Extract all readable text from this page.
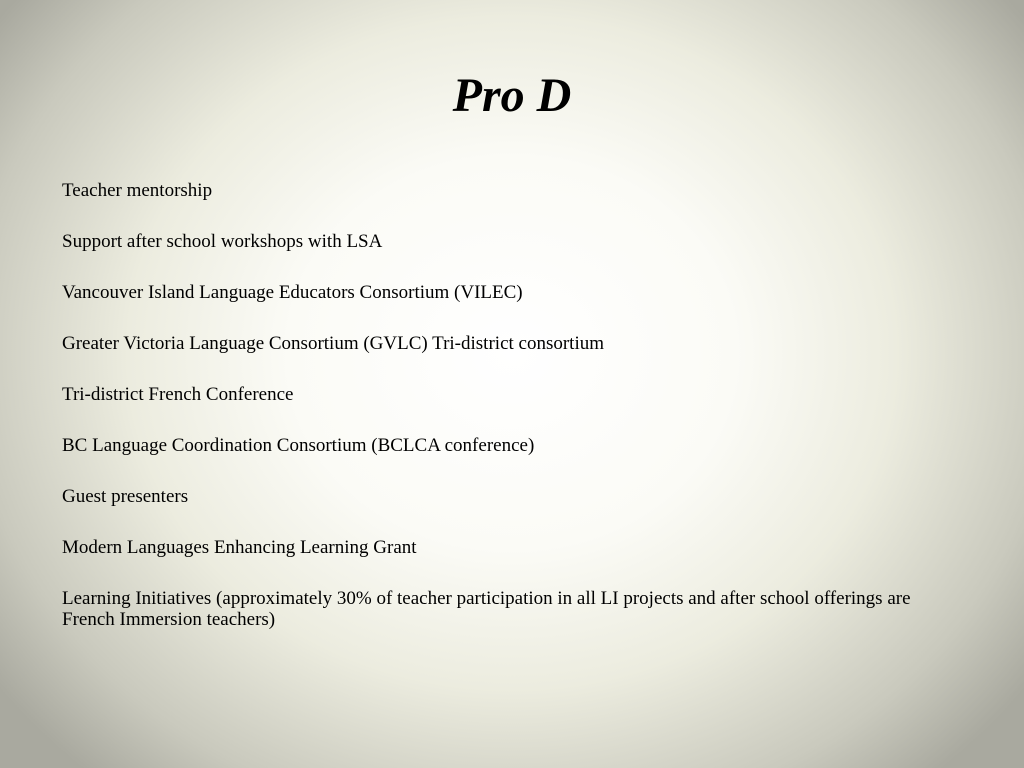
Pro D
Teacher mentorship
Support after school workshops with LSA
Vancouver Island Language Educators Consortium (VILEC)
Greater Victoria Language Consortium (GVLC) Tri-district consortium
Tri-district French Conference
BC Language Coordination Consortium (BCLCA conference)
Guest presenters
Modern Languages Enhancing Learning Grant
Learning Initiatives (approximately 30% of teacher participation in all LI projects and after school offerings are French Immersion teachers)
